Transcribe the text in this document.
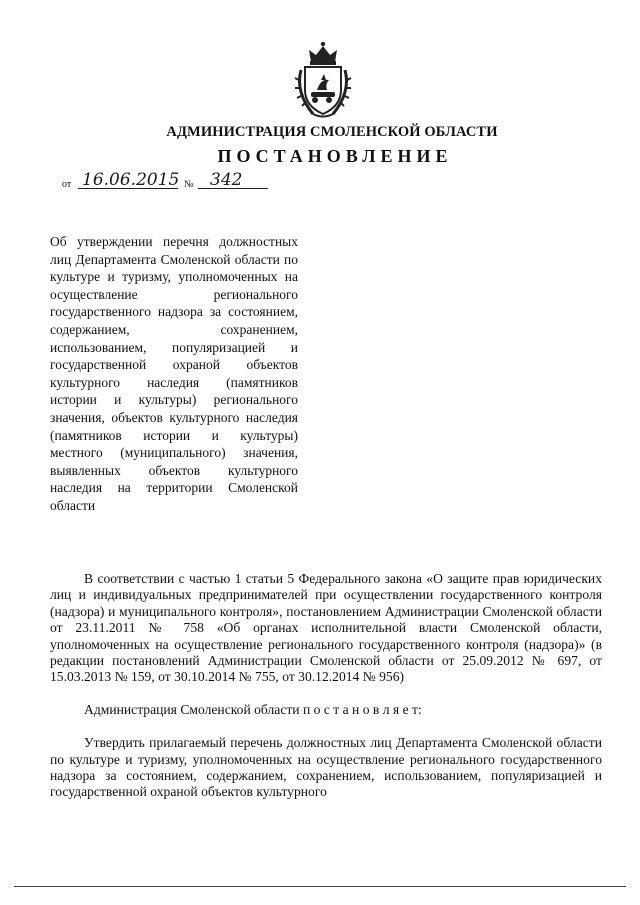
АДМИНИСТРАЦИЯ СМОЛЕНСКОЙ ОБЛАСТИ
ПОСТАНОВЛЕНИЕ
от 16.06.2015 № 342
Об утверждении перечня должностных лиц Департамента Смоленской области по культуре и туризму, уполномоченных на осуществление регионального государственного надзора за состоянием, содержанием, сохранением, использованием, популяризацией и государственной охраной объектов культурного наследия (памятников истории и культуры) регионального значения, объектов культурного наследия (памятников истории и культуры) местного (муниципального) значения, выявленных объектов культурного наследия на территории Смоленской области

В соответствии с частью 1 статьи 5 Федерального закона «О защите прав юридических лиц и индивидуальных предпринимателей при осуществлении государственного контроля (надзора) и муниципального контроля», постановлением Администрации Смоленской области от 23.11.2011 № 758 «Об органах исполнительной власти Смоленской области, уполномоченных на осуществление регионального государственного контроля (надзора)» (в редакции постановлений Администрации Смоленской области от 25.09.2012 № 697, от 15.03.2013 № 159, от 30.10.2014 № 755, от 30.12.2014 № 956)

Администрация Смоленской области п о с т а н о в л я е т:

Утвердить прилагаемый перечень должностных лиц Департамента Смоленской области по культуре и туризму, уполномоченных на осуществление регионального государственного надзора за состоянием, содержанием, сохранением, использованием, популяризацией и государственной охраной объектов культурного
